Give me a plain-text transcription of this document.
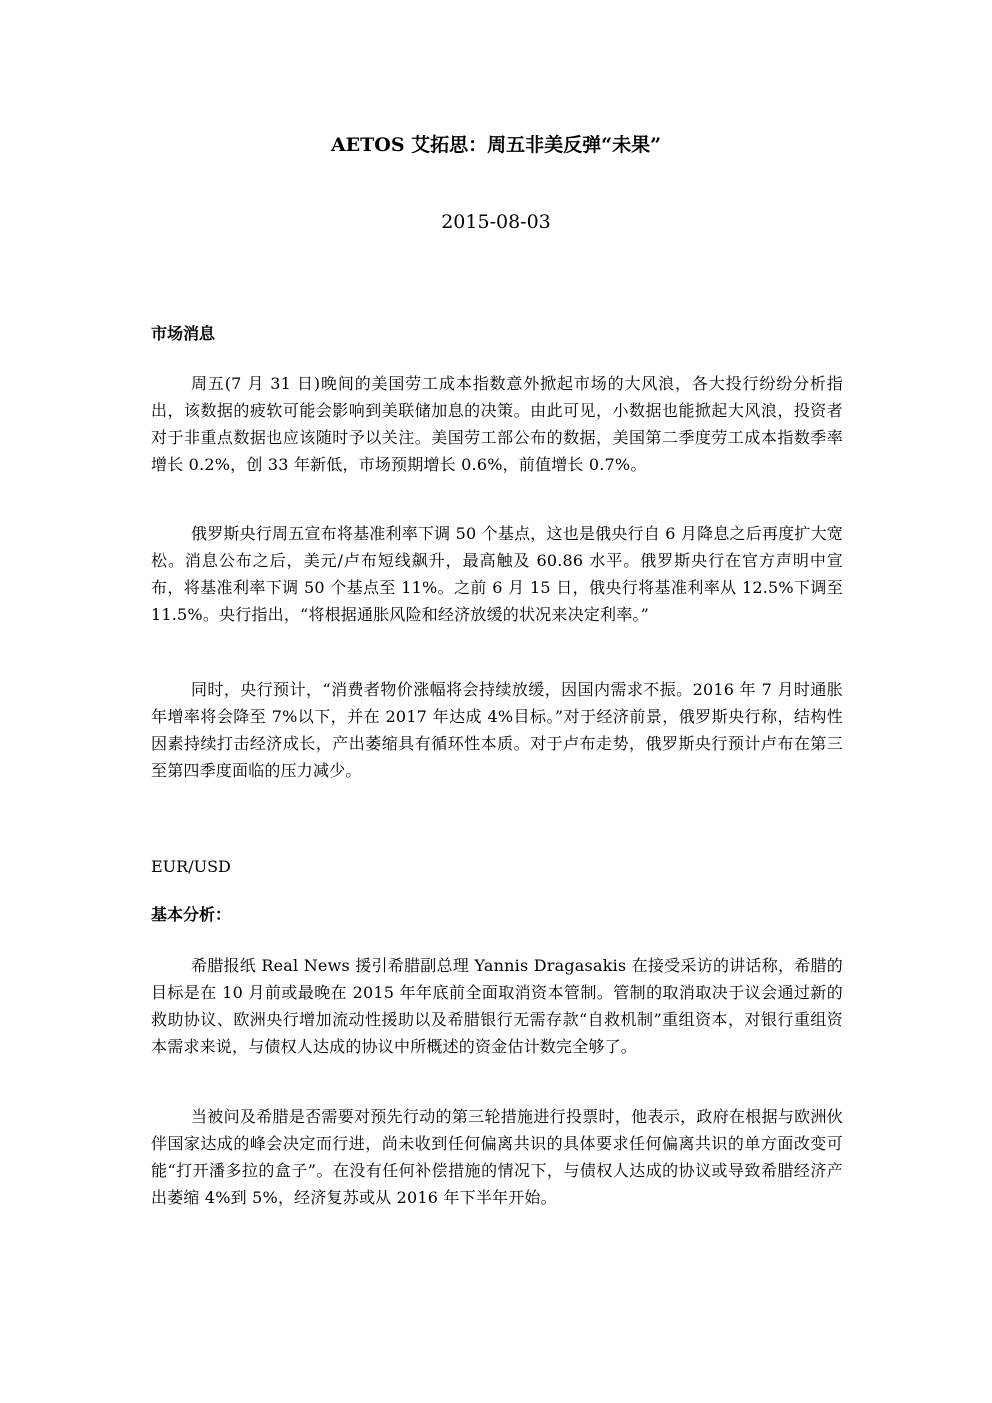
AETOS 艾拓思：周五非美反弹“未果”
2015-08-03
市场消息

周五(7 月 31 日)晚间的美国劳工成本指数意外掀起市场的大风浪，各大投行纷纷分析指出，该数据的疲软可能会影响到美联储加息的决策。由此可见，小数据也能掀起大风浪，投资者对于非重点数据也应该随时予以关注。美国劳工部公布的数据，美国第二季度劳工成本指数季率增长 0.2%，创 33 年新低，市场预期增长 0.6%，前值增长 0.7%。

俄罗斯央行周五宣布将基准利率下调 50 个基点，这也是俄央行自 6 月降息之后再度扩大宽松。消息公布之后，美元/卢布短线飙升，最高触及 60.86 水平。俄罗斯央行在官方声明中宣布，将基准利率下调 50 个基点至 11%。之前 6 月 15 日，俄央行将基准利率从 12.5%下调至 11.5%。央行指出，“将根据通胀风险和经济放缓的状况来决定利率。”

同时，央行预计，“消费者物价涨幅将会持续放缓，因国内需求不振。2016 年 7 月时通胀年增率将会降至 7%以下，并在 2017 年达成 4%目标。”对于经济前景，俄罗斯央行称，结构性因素持续打击经济成长，产出萎缩具有循环性本质。对于卢布走势，俄罗斯央行预计卢布在第三至第四季度面临的压力减少。

EUR/USD
基本分析：

希腊报纸 Real News 援引希腊副总理 Yannis Dragasakis 在接受采访的讲话称，希腊的目标是在 10 月前或最晚在 2015 年年底前全面取消资本管制。管制的取消取决于议会通过新的救助协议、欧洲央行增加流动性援助以及希腊银行无需存款“自救机制”重组资本，对银行重组资本需求来说，与债权人达成的协议中所概述的资金估计数完全够了。

当被问及希腊是否需要对预先行动的第三轮措施进行投票时，他表示，政府在根据与欧洲伙伴国家达成的峰会决定而行进，尚未收到任何偏离共识的具体要求任何偏离共识的单方面改变可能“打开潘多拉的盒子”。在没有任何补偿措施的情况下，与债权人达成的协议或导致希腊经济产出萎缩 4%到 5%，经济复苏或从 2016 年下半年开始。
